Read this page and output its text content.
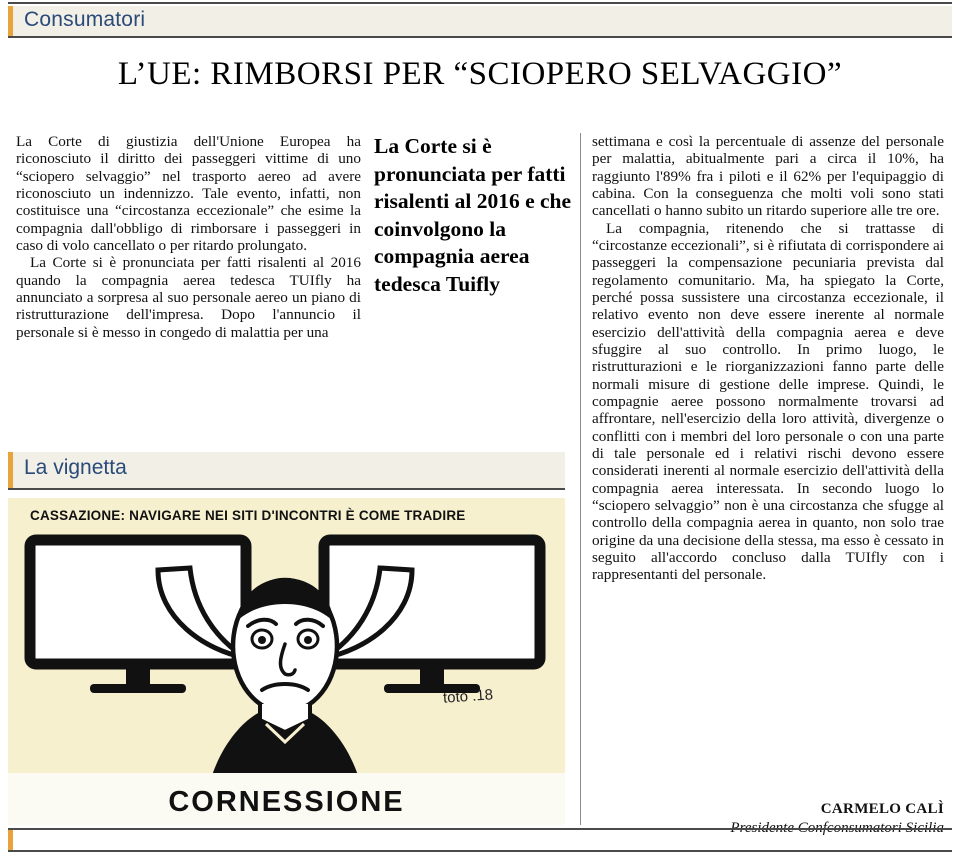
Consumatori
L’UE: RIMBORSI PER “SCIOPERO SELVAGGIO”

La Corte di giustizia dell'Unione Europea ha riconosciuto il diritto dei passeggeri vittime di uno “sciopero selvaggio” nel trasporto aereo ad avere riconosciuto un indennizzo. Tale evento, infatti, non costituisce una “circostanza eccezionale” che esime la compagnia dall'obbligo di rimborsare i passeggeri in caso di volo cancellato o per ritardo prolungato.

La Corte si è pronunciata per fatti risalenti al 2016 quando la compagnia aerea tedesca TUIfly ha annunciato a sorpresa al suo personale aereo un piano di ristrutturazione dell'impresa. Dopo l'annuncio il personale si è messo in congedo di malattia per una

La Corte si è pronunciata per fatti risalenti al 2016 e che coinvolgono la compagnia aerea tedesca Tuifly

settimana e così la percentuale di assenze del personale per malattia, abitualmente pari a circa il 10%, ha raggiunto l'89% fra i piloti e il 62% per l'equipaggio di cabina. Con la conseguenza che molti voli sono stati cancellati o hanno subito un ritardo superiore alle tre ore.

La compagnia, ritenendo che si trattasse di “circostanze eccezionali”, si è rifiutata di corrispondere ai passeggeri la compensazione pecuniaria prevista dal regolamento comunitario. Ma, ha spiegato la Corte, perché possa sussistere una circostanza eccezionale, il relativo evento non deve essere inerente al normale esercizio dell'attività della compagnia aerea e deve sfuggire al suo controllo. In primo luogo, le ristrutturazioni e le riorganizzazioni fanno parte delle normali misure di gestione delle imprese. Quindi, le compagnie aeree possono normalmente trovarsi ad affrontare, nell'esercizio della loro attività, divergenze o conflitti con i membri del loro personale o con una parte di tale personale ed i relativi rischi devono essere considerati inerenti al normale esercizio dell'attività della compagnia aerea interessata. In secondo luogo lo “sciopero selvaggio” non è una circostanza che sfugge al controllo della compagnia aerea in quanto, non solo trae origine da una decisione della stessa, ma esso è cessato in seguito all'accordo concluso dalla TUIfly con i rappresentanti del personale.

CARMELO CALÌ
La vignetta
CASSAZIONE: NAVIGARE NEI SITI D'INCONTRI È COME TRADIRE
toto .18
CORNESSIONE
